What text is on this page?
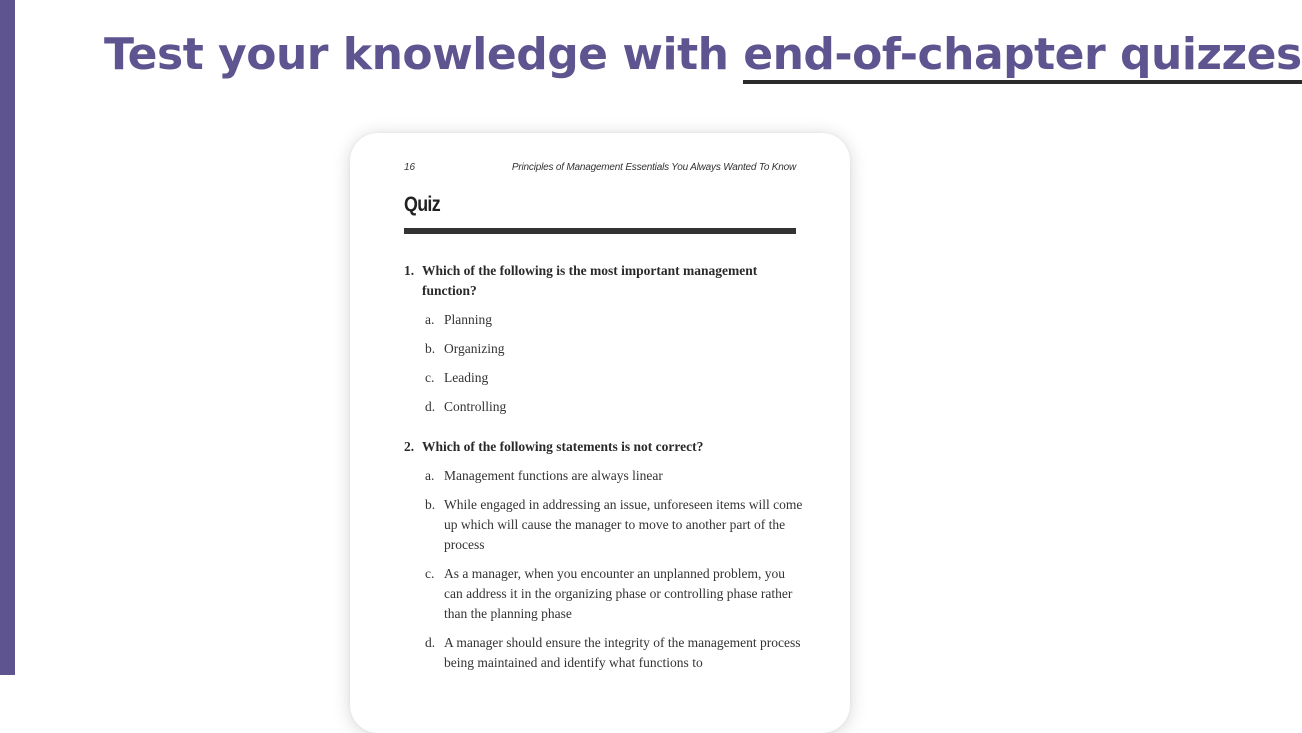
Test your knowledge with end-of-chapter quizzes
16	Principles of Management Essentials You Always Wanted To Know
Quiz
1. Which of the following is the most important management function?
a. Planning
b. Organizing
c. Leading
d. Controlling
2. Which of the following statements is not correct?
a. Management functions are always linear
b. While engaged in addressing an issue, unforeseen items will come up which will cause the manager to move to another part of the process
c. As a manager, when you encounter an unplanned problem, you can address it in the organizing phase or controlling phase rather than the planning phase
d. A manager should ensure the integrity of the management process being maintained and identify what functions to
